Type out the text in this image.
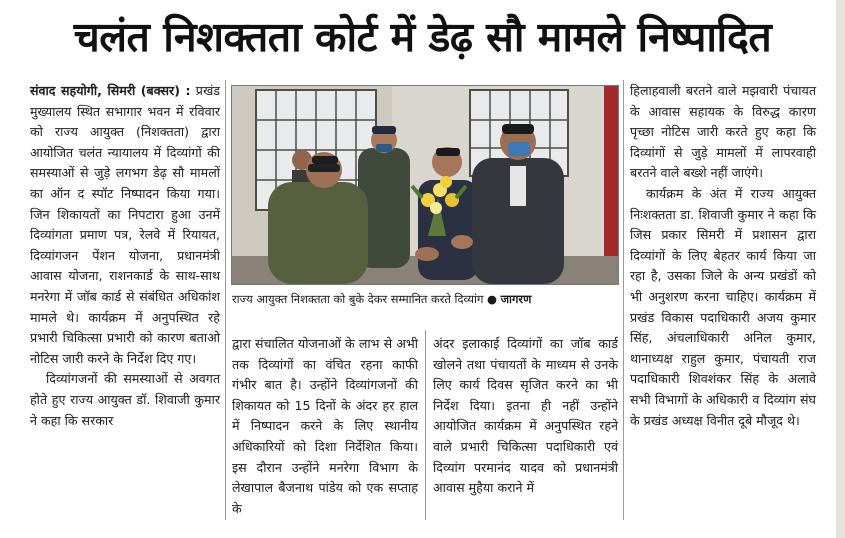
चलंत निशक्तता कोर्ट में डेढ़ सौ मामले निष्पादित

संवाद सहयोगी, सिमरी (बक्सर) : प्रखंड मुख्यालय स्थित सभागार भवन में रविवार को राज्य आयुक्त (निशक्तता) द्वारा आयोजित चलंत न्यायालय में दिव्यांगों की समस्याओं से जुड़े लगभग डेढ़ सौ मामलों का ऑन द स्पॉट निष्पादन किया गया। जिन शिकायतों का निपटारा हुआ उनमें दिव्यांगता प्रमाण पत्र, रेलवे में रियायत, दिव्यांगजन पेंशन योजना, प्रधानमंत्री आवास योजना, राशनकार्ड के साथ-साथ मनरेगा में जॉब कार्ड से संबंधित अधिकांश मामले थे। कार्यक्रम में अनुपस्थित रहे प्रभारी चिकित्सा प्रभारी को कारण बताओ नोटिस जारी करने के निर्देश दिए गए।

दिव्यांगजनों की समस्याओं से अवगत होते हुए राज्य आयुक्त डॉ. शिवाजी कुमार ने कहा कि सरकार

राज्य आयुक्त निशक्तता को बुके देकर सम्मानित करते दिव्यांग ● जागरण

द्वारा संचालित योजनाओं के लाभ से अभी तक दिव्यांगों का वंचित रहना काफी गंभीर बात है। उन्होंने दिव्यांगजनों की शिकायत को 15 दिनों के अंदर हर हाल में निष्पादन करने के लिए स्थानीय अधिकारियों को दिशा निर्देशित किया। इस दौरान उन्होंने मनरेगा विभाग के लेखापाल बैजनाथ पांडेय को एक सप्ताह के

अंदर इलाकाई दिव्यांगों का जॉब कार्ड खोलने तथा पंचायतों के माध्यम से उनके लिए कार्य दिवस सृजित करने का भी निर्देश दिया। इतना ही नहीं उन्होंने आयोजित कार्यक्रम में अनुपस्थित रहने वाले प्रभारी चिकित्सा पदाधिकारी एवं दिव्यांग परमानंद यादव को प्रधानमंत्री आवास मुहैया कराने में

हिलाहवाली बरतने वाले मझवारी पंचायत के आवास सहायक के विरुद्ध कारण पृच्छा नोटिस जारी करते हुए कहा कि दिव्यांगों से जुड़े मामलों में लापरवाही बरतने वाले बख्शे नहीं जाएंगे।

कार्यक्रम के अंत में राज्य आयुक्त निःशक्तता डा. शिवाजी कुमार ने कहा कि जिस प्रकार सिमरी में प्रशासन द्वारा दिव्यांगों के लिए बेहतर कार्य किया जा रहा है, उसका जिले के अन्य प्रखंडों को भी अनुशरण करना चाहिए। कार्यक्रम में प्रखंड विकास पदाधिकारी अजय कुमार सिंह, अंचलाधिकारी अनिल कुमार, थानाध्यक्ष राहुल कुमार, पंचायती राज पदाधिकारी शिवशंकर सिंह के अलावे सभी विभागों के अधिकारी व दिव्यांग संघ के प्रखंड अध्यक्ष विनीत दूबे मौजूद थे।
